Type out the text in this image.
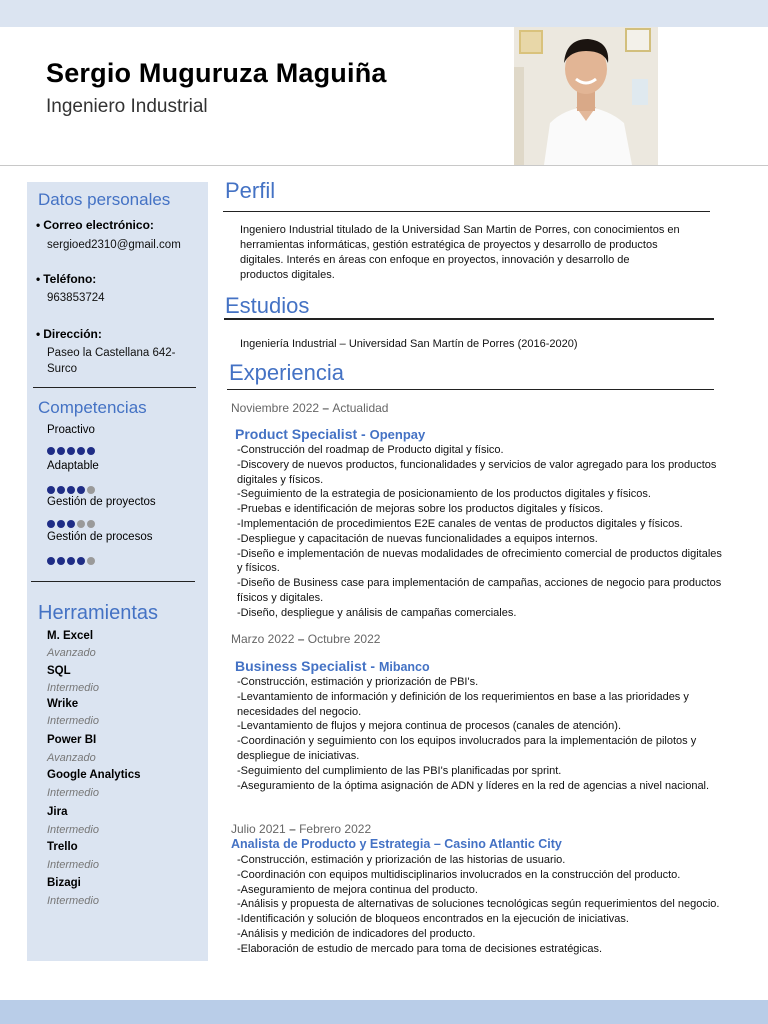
Sergio Muguruza Maguiña
Ingeniero Industrial
Datos personales
• Correo electrónico:
sergioed2310@gmail.com
• Teléfono:
963853724
• Dirección:
Paseo la Castellana 642-
Surco
Competencias
Proactivo
Adaptable
Gestión de proyectos
Gestión de procesos
Herramientas
M. Excel
Avanzado
SQL
Intermedio
Wrike
Intermedio
Power BI
Avanzado
Google Analytics
Intermedio
Jira
Intermedio
Trello
Intermedio
Bizagi
Intermedio
Perfil
Ingeniero Industrial titulado de la Universidad San Martin de Porres, con conocimientos en herramientas informáticas, gestión estratégica de proyectos y desarrollo de productos digitales. Interés en áreas con enfoque en proyectos, innovación y desarrollo de productos digitales.
Estudios
Ingeniería Industrial – Universidad San Martín de Porres (2016-2020)
Experiencia
Noviembre 2022 – Actualidad
Product Specialist - Openpay
-Construcción del roadmap de Producto digital y físico.
-Discovery de nuevos productos, funcionalidades y servicios de valor agregado para los productos digitales y físicos.
-Seguimiento de la estrategia de posicionamiento de los productos digitales y físicos.
-Pruebas e identificación de mejoras sobre los productos digitales y físicos.
-Implementación de procedimientos E2E canales de ventas de productos digitales y físicos.
-Despliegue y capacitación de nuevas funcionalidades a equipos internos.
-Diseño e implementación de nuevas modalidades de ofrecimiento comercial de productos digitales y físicos.
-Diseño de Business case para implementación de campañas, acciones de negocio para productos físicos y digitales.
-Diseño, despliegue y análisis de campañas comerciales.
Marzo 2022 – Octubre 2022
Business Specialist - Mibanco
-Construcción, estimación y priorización de PBI's.
-Levantamiento de información y definición de los requerimientos en base a las prioridades y necesidades del negocio.
-Levantamiento de flujos y mejora continua de procesos (canales de atención).
-Coordinación y seguimiento con los equipos involucrados para la implementación de pilotos y despliegue de iniciativas.
-Seguimiento del cumplimiento de las PBI's planificadas por sprint.
-Aseguramiento de la óptima asignación de ADN y líderes en la red de agencias a nivel nacional.
Julio 2021 – Febrero 2022
Analista de Producto y Estrategia – Casino Atlantic City
-Construcción, estimación y priorización de las historias de usuario.
-Coordinación con equipos multidisciplinarios involucrados en la construcción del producto.
-Aseguramiento de mejora continua del producto.
-Análisis y propuesta de alternativas de soluciones tecnológicas según requerimientos del negocio.
-Identificación y solución de bloqueos encontrados en la ejecución de iniciativas.
-Análisis y medición de indicadores del producto.
-Elaboración de estudio de mercado para toma de decisiones estratégicas.
